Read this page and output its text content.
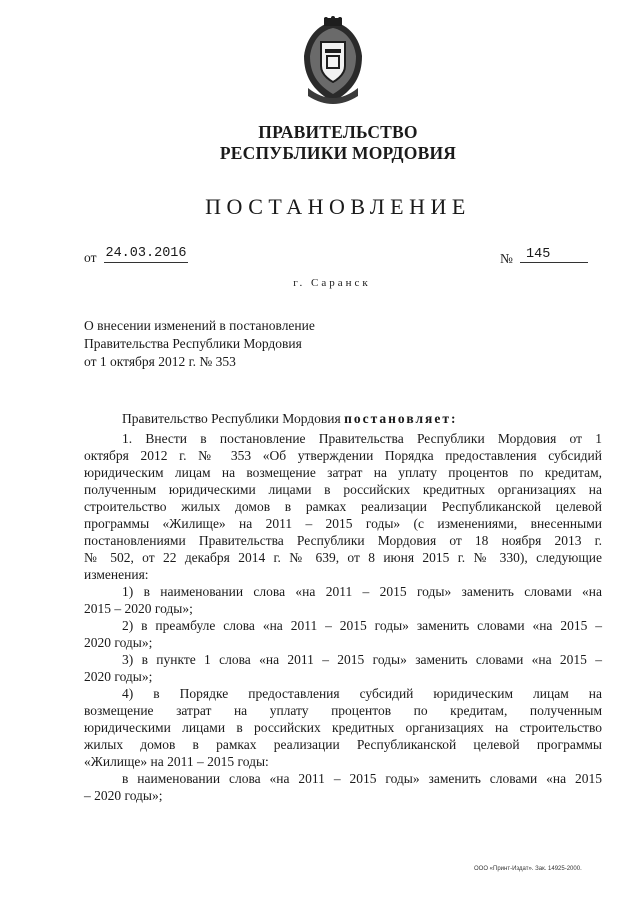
ПРАВИТЕЛЬСТВО
РЕСПУБЛИКИ МОРДОВИЯ
ПОСТАНОВЛЕНИЕ
от 24.03.2016	№ 145
г. Саранск
О внесении изменений в постановление
Правительства Республики Мордовия
от 1 октября 2012 г. № 353
Правительство Республики Мордовия постановляет:
1. Внести в постановление Правительства Республики Мордовия от 1
октября 2012 г. № 353 «Об утверждении Порядка предоставления субсидий
юридическим лицам на возмещение затрат на уплату процентов по кредитам,
полученным юридическими лицами в российских кредитных организациях на
строительство жилых домов в рамках реализации Республиканской целевой
программы «Жилище» на 2011 – 2015 годы» (с изменениями, внесенными
постановлениями Правительства Республики Мордовия от 18 ноября 2013 г.
№ 502, от 22 декабря 2014 г. № 639, от 8 июня 2015 г. № 330), следующие
изменения:
1) в наименовании слова «на 2011 – 2015 годы» заменить словами «на
2015 – 2020 годы»;
2) в преамбуле слова «на 2011 – 2015 годы» заменить словами «на 2015 –
2020 годы»;
3) в пункте 1 слова «на 2011 – 2015 годы» заменить словами «на 2015 –
2020 годы»;
4) в Порядке предоставления субсидий юридическим лицам на
возмещение затрат на уплату процентов по кредитам, полученным
юридическими лицами в российских кредитных организациях на строительство
жилых домов в рамках реализации Республиканской целевой программы
«Жилище» на 2011 – 2015 годы:
в наименовании слова «на 2011 – 2015 годы» заменить словами «на 2015
– 2020 годы»;
ООО «Принт-Издат». Зак. 14925-2000.
